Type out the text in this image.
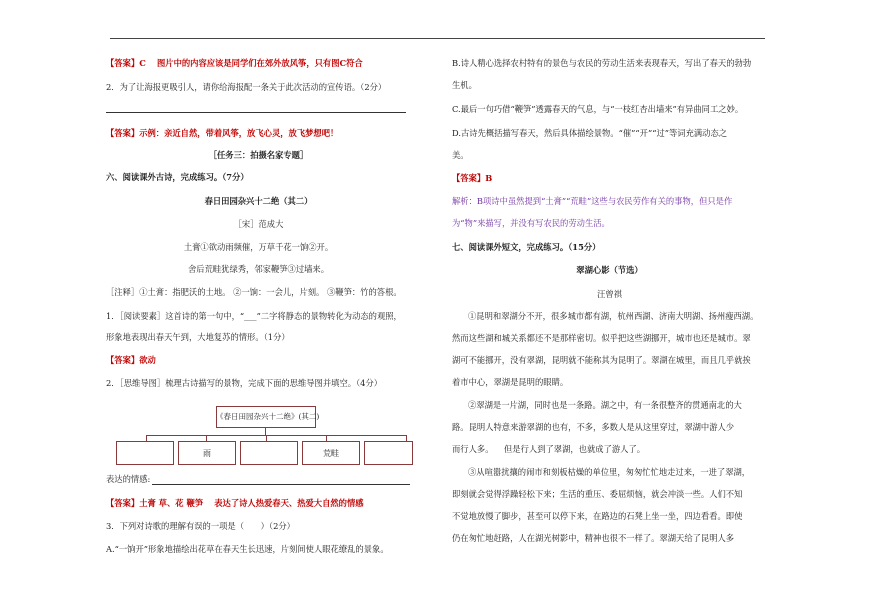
【答案】C　 图片中的内容应该是同学们在郊外放风筝，只有图C符合
2．为了让海报更吸引人，请你给海报配一条关于此次活动的宣传语。（2分）
【答案】示例：亲近自然，带着风筝，放飞心灵，放飞梦想吧！
［任务三：拍摄名家专题］
六、阅读课外古诗，完成练习。（7分）
春日田园杂兴十二绝（其二）
［宋］范成大
土膏①欲动雨频催，万草千花一饷②开。
舍后荒畦犹绿秀，邻家鞭笋③过墙来。
［注释］①土膏：指肥沃的土地。 ②一饷：一会儿，片刻。 ③鞭笋：竹的答根。
1．［阅读要素］这首诗的第一句中，“___”二字将静态的景物转化为动态的观照，
形象地表现出春天午到，大地复苏的情形。（1分）
【答案】欲动
2．［思维导图］梳理古诗描写的景物，完成下面的思维导图并填空。（4分）
《春日田园杂兴十二绝》(其二)
雨	荒畦
表达的情感:
【答案】土膏 草、花 鞭笋　 表达了诗人热爱春天、热爱大自然的情感
3．下列对诗歌的理解有误的一项是（　　）（2分）
A.“一饷开”形象地描绘出花草在春天生长迅速，片刻间使人眼花缭乱的景象。
B.诗人精心选择农村特有的景色与农民的劳动生活来表现春天，写出了春天的勃勃
生机。
C.最后一句巧借“鞭笋”透露春天的气息，与“一枝红杏出墙来”有异曲同工之妙。
D.古诗先概括描写春天，然后具体描绘景物。“催”“开”“过”等词充满动态之
美。
【答案】B
解析：B项诗中虽然提到“土膏”“荒畦”这些与农民劳作有关的事物，但只是作
为“物”来描写，并没有写农民的劳动生活。
七、阅读课外短文，完成练习。（15分）
翠湖心影（节选）
汪曾祺
①昆明和翠湖分不开，很多城市都有湖，杭州西湖、济南大明湖、扬州瘦西湖。
然而这些湖和城关系都还不是那样密切。似乎把这些湖挪开，城市也还是城市。翠
湖可不能挪开，没有翠湖，昆明就不能称其为昆明了。翠湖在城里，而且几乎就挨
着市中心，翠湖是昆明的眼睛。
②翠湖是一片湖，同时也是一条路。湖之中，有一条很整齐的贯通南北的大
路。昆明人特意来游翠湖的也有，不多，多数人是从这里穿过，翠湖中游人少
而行人多。 但是行人到了翠湖，也就成了游人了。
③从喧嚣扰攘的闹市和刻板枯燥的单位里，匆匆忙忙地走过来，一进了翠湖，
即刻就会觉得浮躁轻松下来；生活的重压、委屈烦恼，就会冲淡一些。人们不知
不觉地放慢了脚步，甚至可以停下来，在路边的石凳上坐一坐，四边看看。即使
仍在匆忙地赶路，人在湖光树影中，精神也很不一样了。翠湖天给了昆明人多
